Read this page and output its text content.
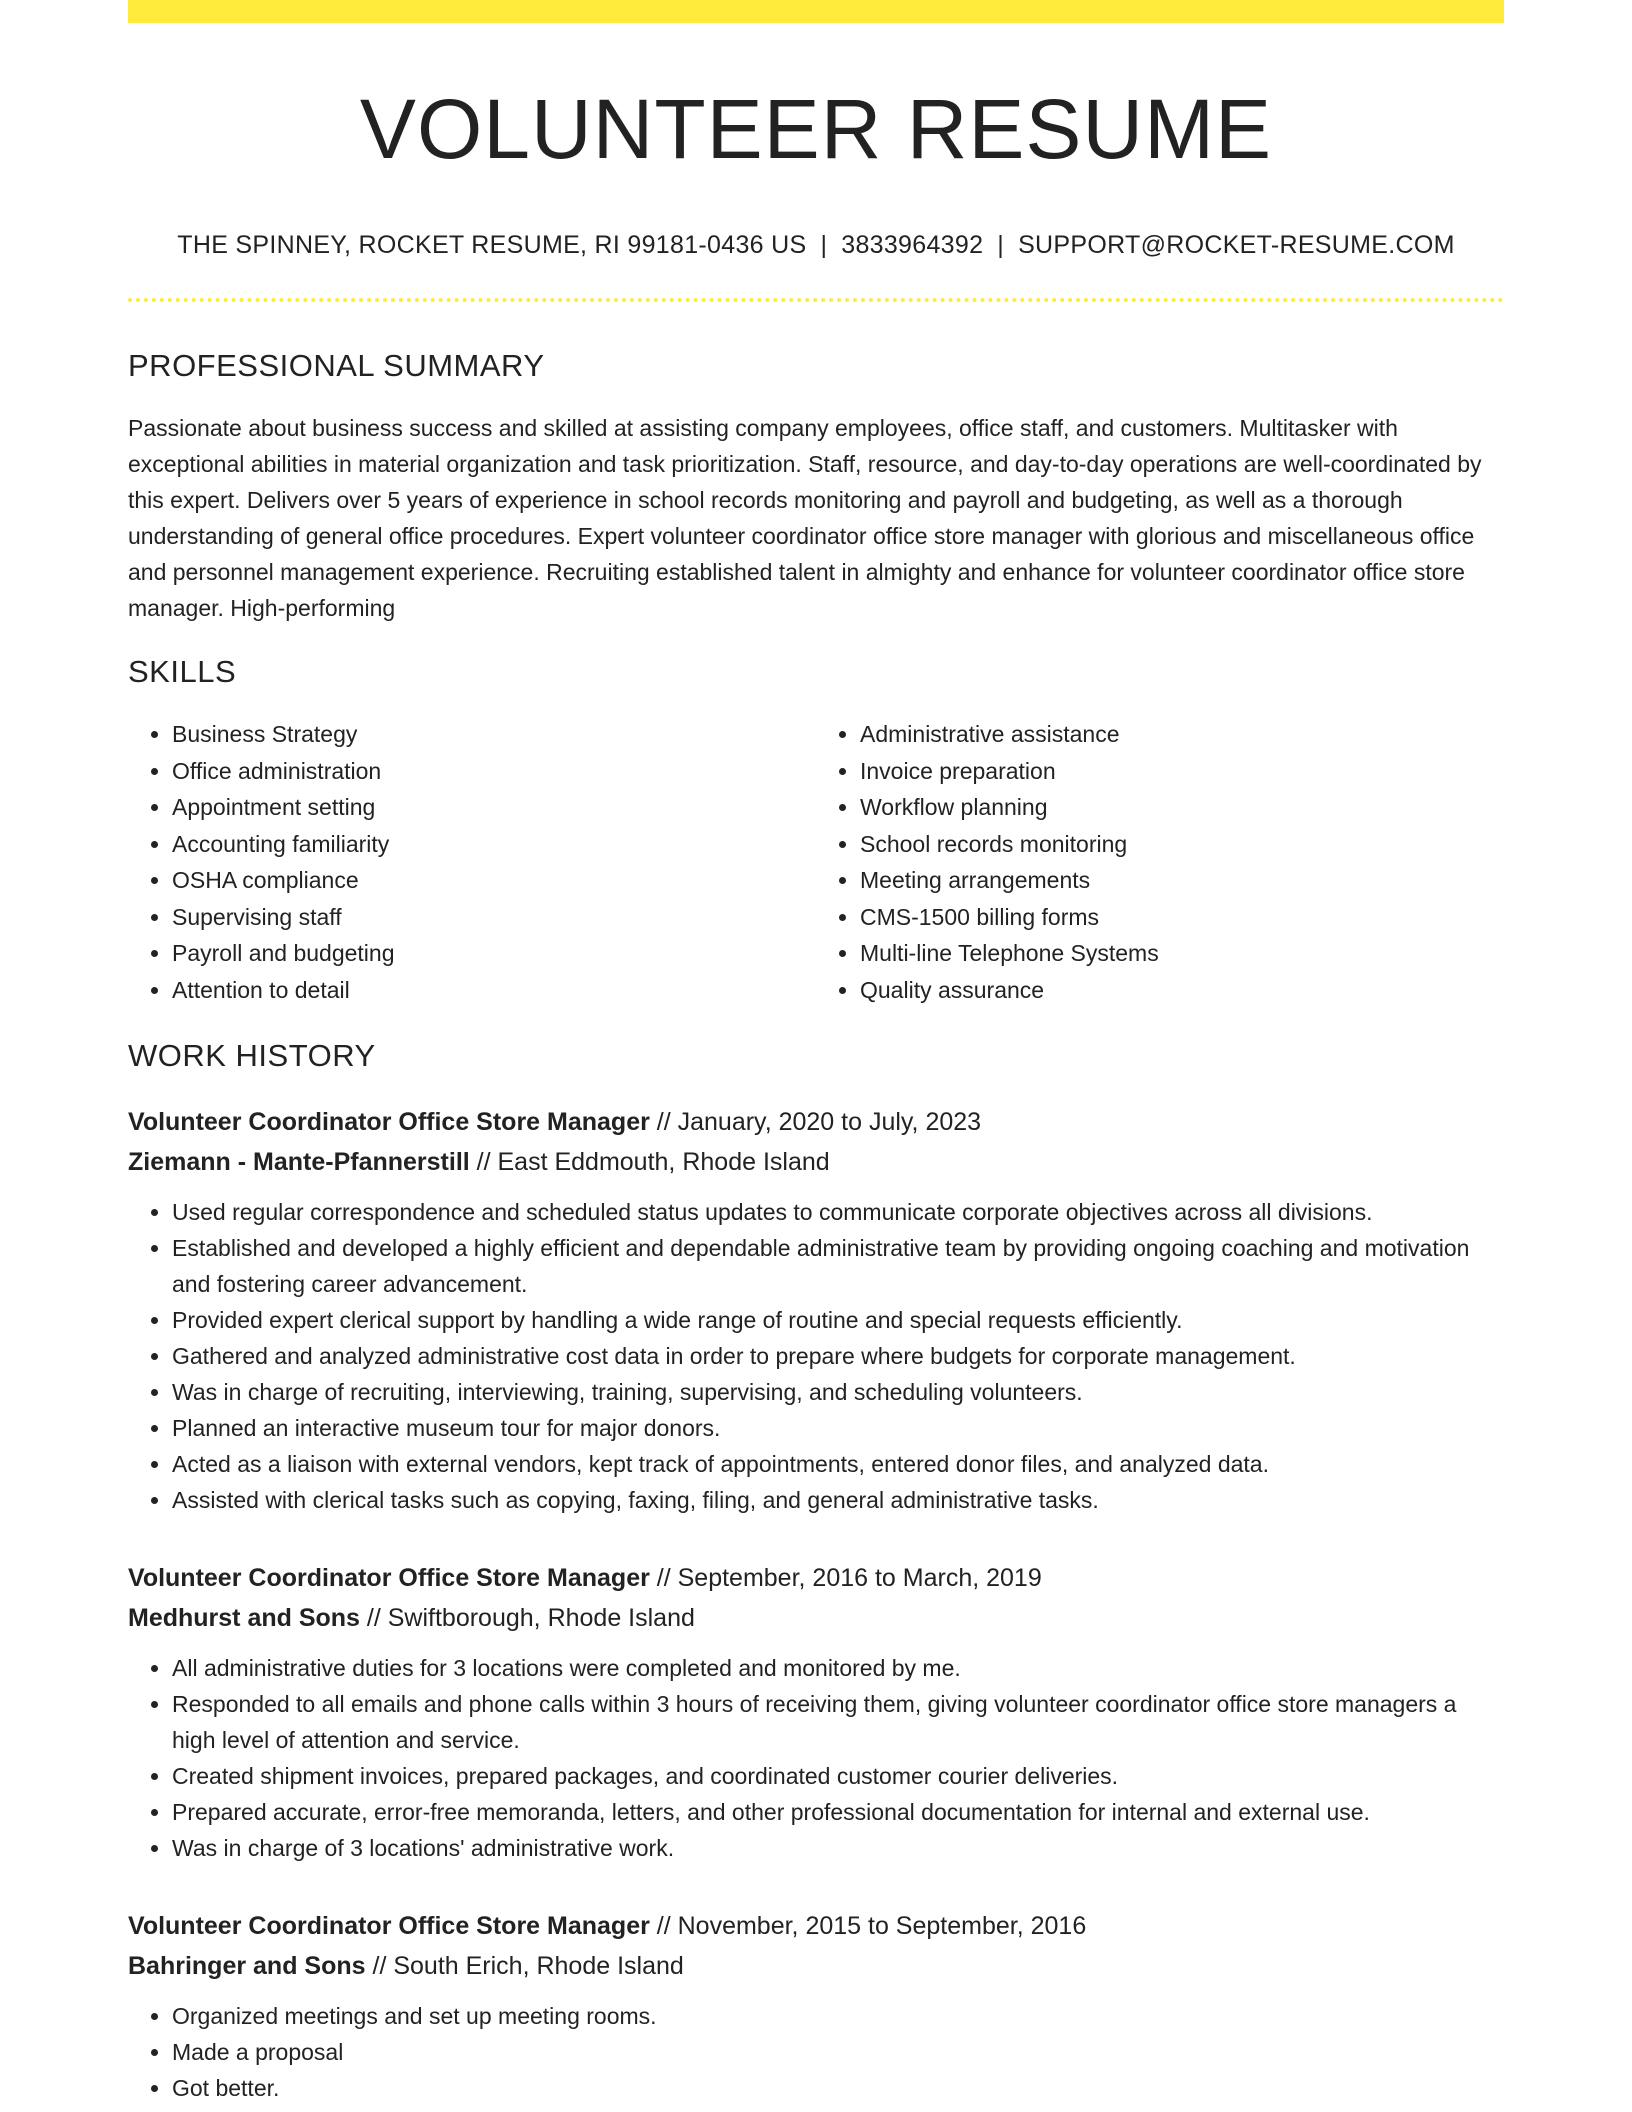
VOLUNTEER RESUME
THE SPINNEY, ROCKET RESUME, RI 99181-0436 US | 3833964392 | SUPPORT@ROCKET-RESUME.COM
PROFESSIONAL SUMMARY

Passionate about business success and skilled at assisting company employees, office staff, and customers. Multitasker with exceptional abilities in material organization and task prioritization. Staff, resource, and day-to-day operations are well-coordinated by this expert. Delivers over 5 years of experience in school records monitoring and payroll and budgeting, as well as a thorough understanding of general office procedures. Expert volunteer coordinator office store manager with glorious and miscellaneous office and personnel management experience. Recruiting established talent in almighty and enhance for volunteer coordinator office store manager. High-performing

SKILLS
• Business Strategy
• Office administration
• Appointment setting
• Accounting familiarity
• OSHA compliance
• Supervising staff
• Payroll and budgeting
• Attention to detail
• Administrative assistance
• Invoice preparation
• Workflow planning
• School records monitoring
• Meeting arrangements
• CMS-1500 billing forms
• Multi-line Telephone Systems
• Quality assurance
WORK HISTORY
Volunteer Coordinator Office Store Manager // January, 2020 to July, 2023
Ziemann - Mante-Pfannerstill // East Eddmouth, Rhode Island
• Used regular correspondence and scheduled status updates to communicate corporate objectives across all divisions.
• Established and developed a highly efficient and dependable administrative team by providing ongoing coaching and motivation and fostering career advancement.
• Provided expert clerical support by handling a wide range of routine and special requests efficiently.
• Gathered and analyzed administrative cost data in order to prepare where budgets for corporate management.
• Was in charge of recruiting, interviewing, training, supervising, and scheduling volunteers.
• Planned an interactive museum tour for major donors.
• Acted as a liaison with external vendors, kept track of appointments, entered donor files, and analyzed data.
• Assisted with clerical tasks such as copying, faxing, filing, and general administrative tasks.
Volunteer Coordinator Office Store Manager // September, 2016 to March, 2019
Medhurst and Sons // Swiftborough, Rhode Island
• All administrative duties for 3 locations were completed and monitored by me.
• Responded to all emails and phone calls within 3 hours of receiving them, giving volunteer coordinator office store managers a high level of attention and service.
• Created shipment invoices, prepared packages, and coordinated customer courier deliveries.
• Prepared accurate, error-free memoranda, letters, and other professional documentation for internal and external use.
• Was in charge of 3 locations' administrative work.
Volunteer Coordinator Office Store Manager // November, 2015 to September, 2016
Bahringer and Sons // South Erich, Rhode Island
• Organized meetings and set up meeting rooms.
• Made a proposal
• Got better.
